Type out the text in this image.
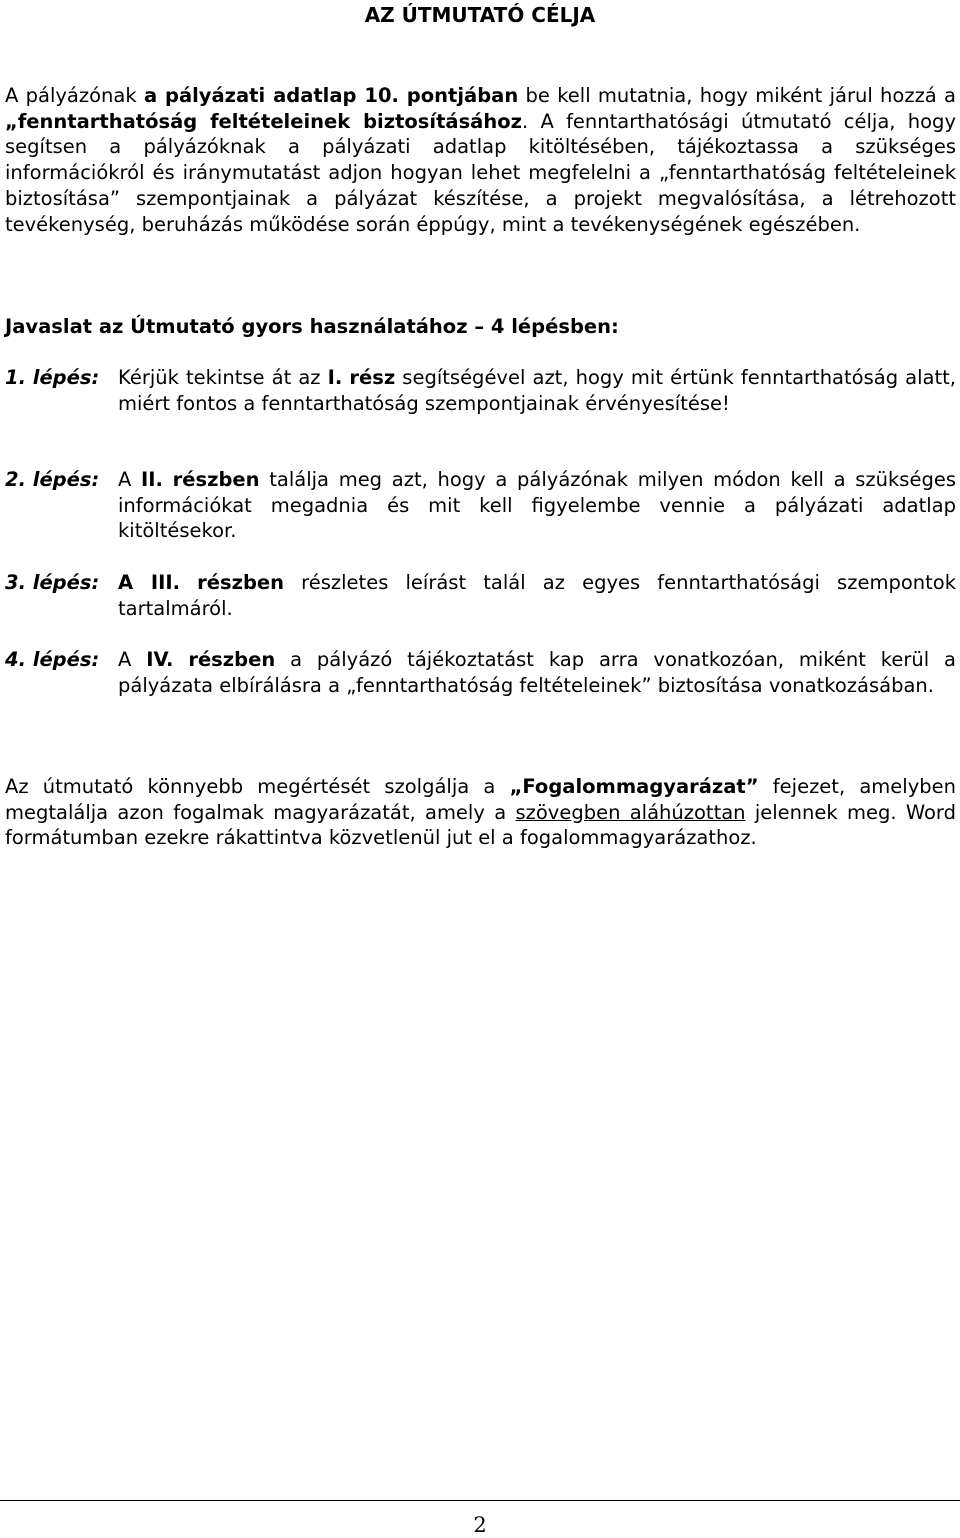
AZ ÚTMUTATÓ CÉLJA

A pályázónak a pályázati adatlap 10. pontjában be kell mutatnia, hogy miként járul hozzá a „fenntarthatóság feltételeinek biztosításához. A fenntarthatósági útmutató célja, hogy segítsen a pályázóknak a pályázati adatlap kitöltésében, tájékoztassa a szükséges információkról és iránymutatást adjon hogyan lehet megfelelni a „fenntarthatóság feltételeinek biztosítása” szempontjainak a pályázat készítése, a projekt megvalósítása, a létrehozott tevékenység, beruházás működése során éppúgy, mint a tevékenységének egészében.

Javaslat az Útmutató gyors használatához – 4 lépésben:
1. lépés: Kérjük tekintse át az I. rész segítségével azt, hogy mit értünk fenntarthatóság alatt, miért fontos a fenntarthatóság szempontjainak érvényesítése!
2. lépés: A II. részben találja meg azt, hogy a pályázónak milyen módon kell a szükséges információkat megadnia és mit kell figyelembe vennie a pályázati adatlap kitöltésekor.
3. lépés: A III. részben részletes leírást talál az egyes fenntarthatósági szempontok tartalmáról.
4. lépés: A IV. részben a pályázó tájékoztatást kap arra vonatkozóan, miként kerül a pályázata elbírálásra a „fenntarthatóság feltételeinek” biztosítása vonatkozásában.

Az útmutató könnyebb megértését szolgálja a „Fogalommagyarázat” fejezet, amelyben megtalálja azon fogalmak magyarázatát, amely a szövegben aláhúzottan jelennek meg. Word formátumban ezekre rákattintva közvetlenül jut el a fogalommagyarázathoz.

2
